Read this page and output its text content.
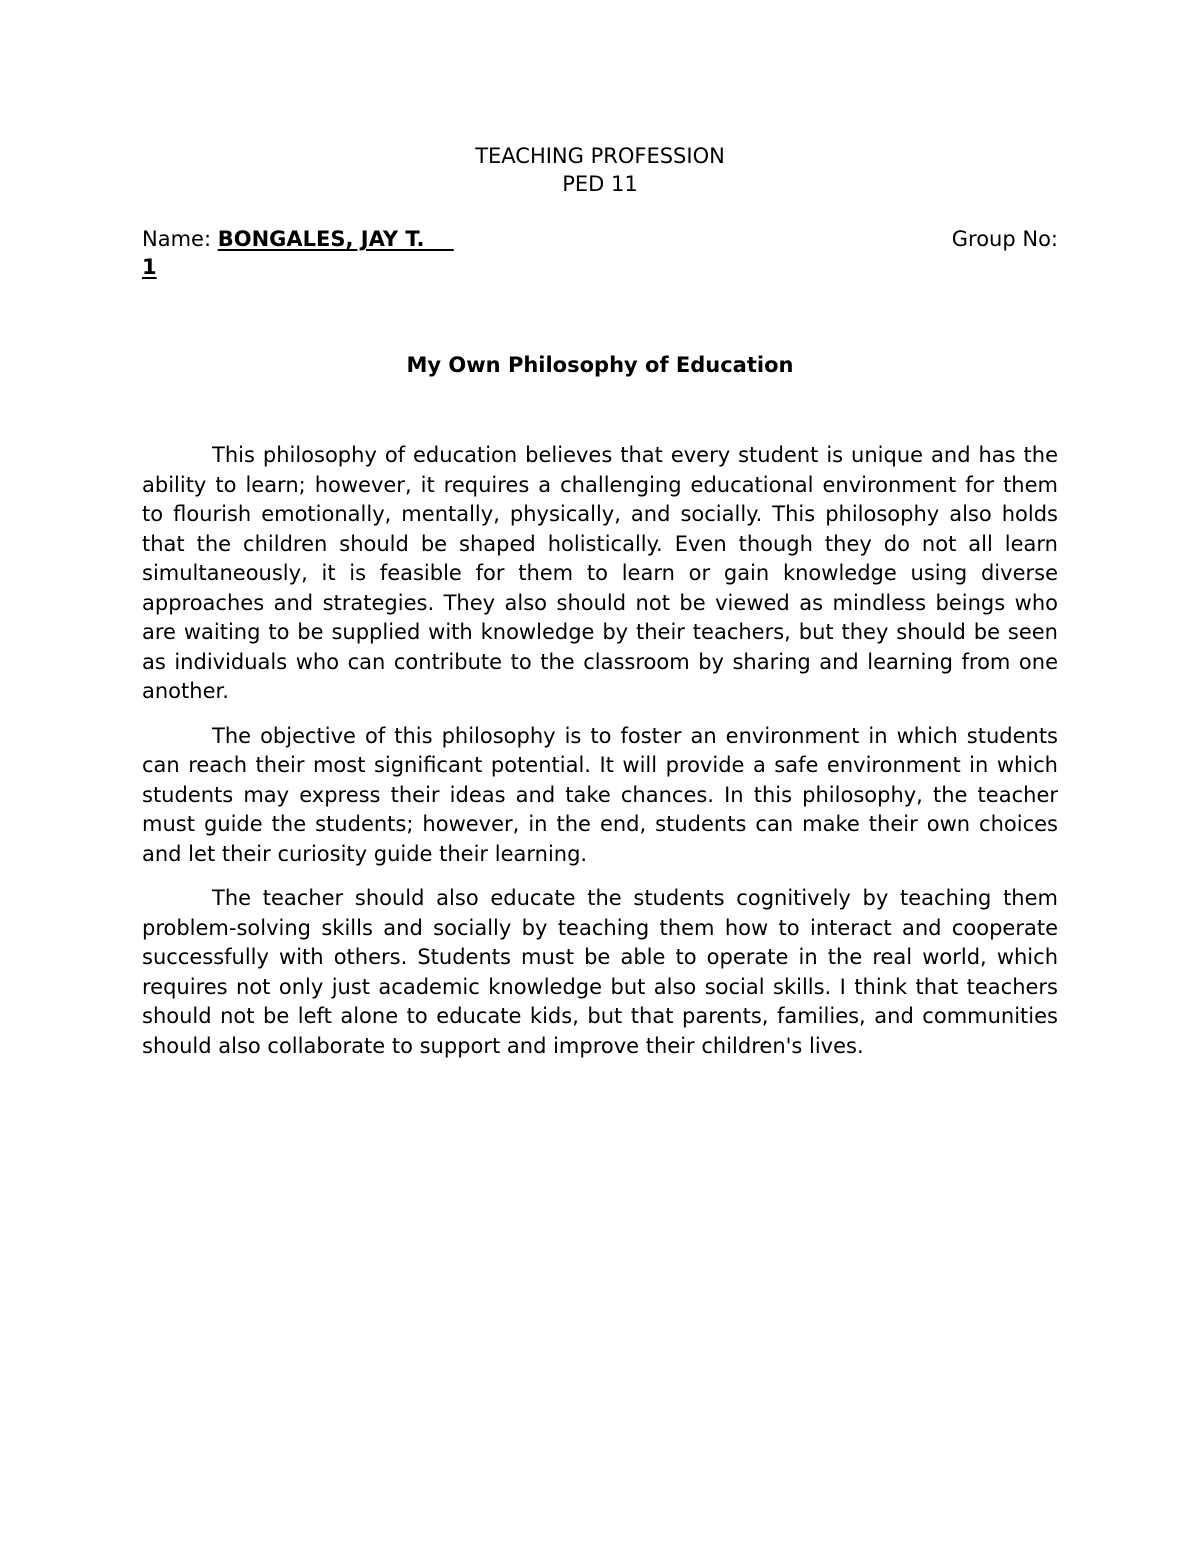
TEACHING PROFESSION
PED 11
Name: BONGALES, JAY T.	Group No:
1
My Own Philosophy of Education

This philosophy of education believes that every student is unique and has the ability to learn; however, it requires a challenging educational environment for them to flourish emotionally, mentally, physically, and socially. This philosophy also holds that the children should be shaped holistically. Even though they do not all learn simultaneously, it is feasible for them to learn or gain knowledge using diverse approaches and strategies. They also should not be viewed as mindless beings who are waiting to be supplied with knowledge by their teachers, but they should be seen as individuals who can contribute to the classroom by sharing and learning from one another.

The objective of this philosophy is to foster an environment in which students can reach their most significant potential. It will provide a safe environment in which students may express their ideas and take chances. In this philosophy, the teacher must guide the students; however, in the end, students can make their own choices and let their curiosity guide their learning.

The teacher should also educate the students cognitively by teaching them problem-solving skills and socially by teaching them how to interact and cooperate successfully with others. Students must be able to operate in the real world, which requires not only just academic knowledge but also social skills. I think that teachers should not be left alone to educate kids, but that parents, families, and communities should also collaborate to support and improve their children's lives.
